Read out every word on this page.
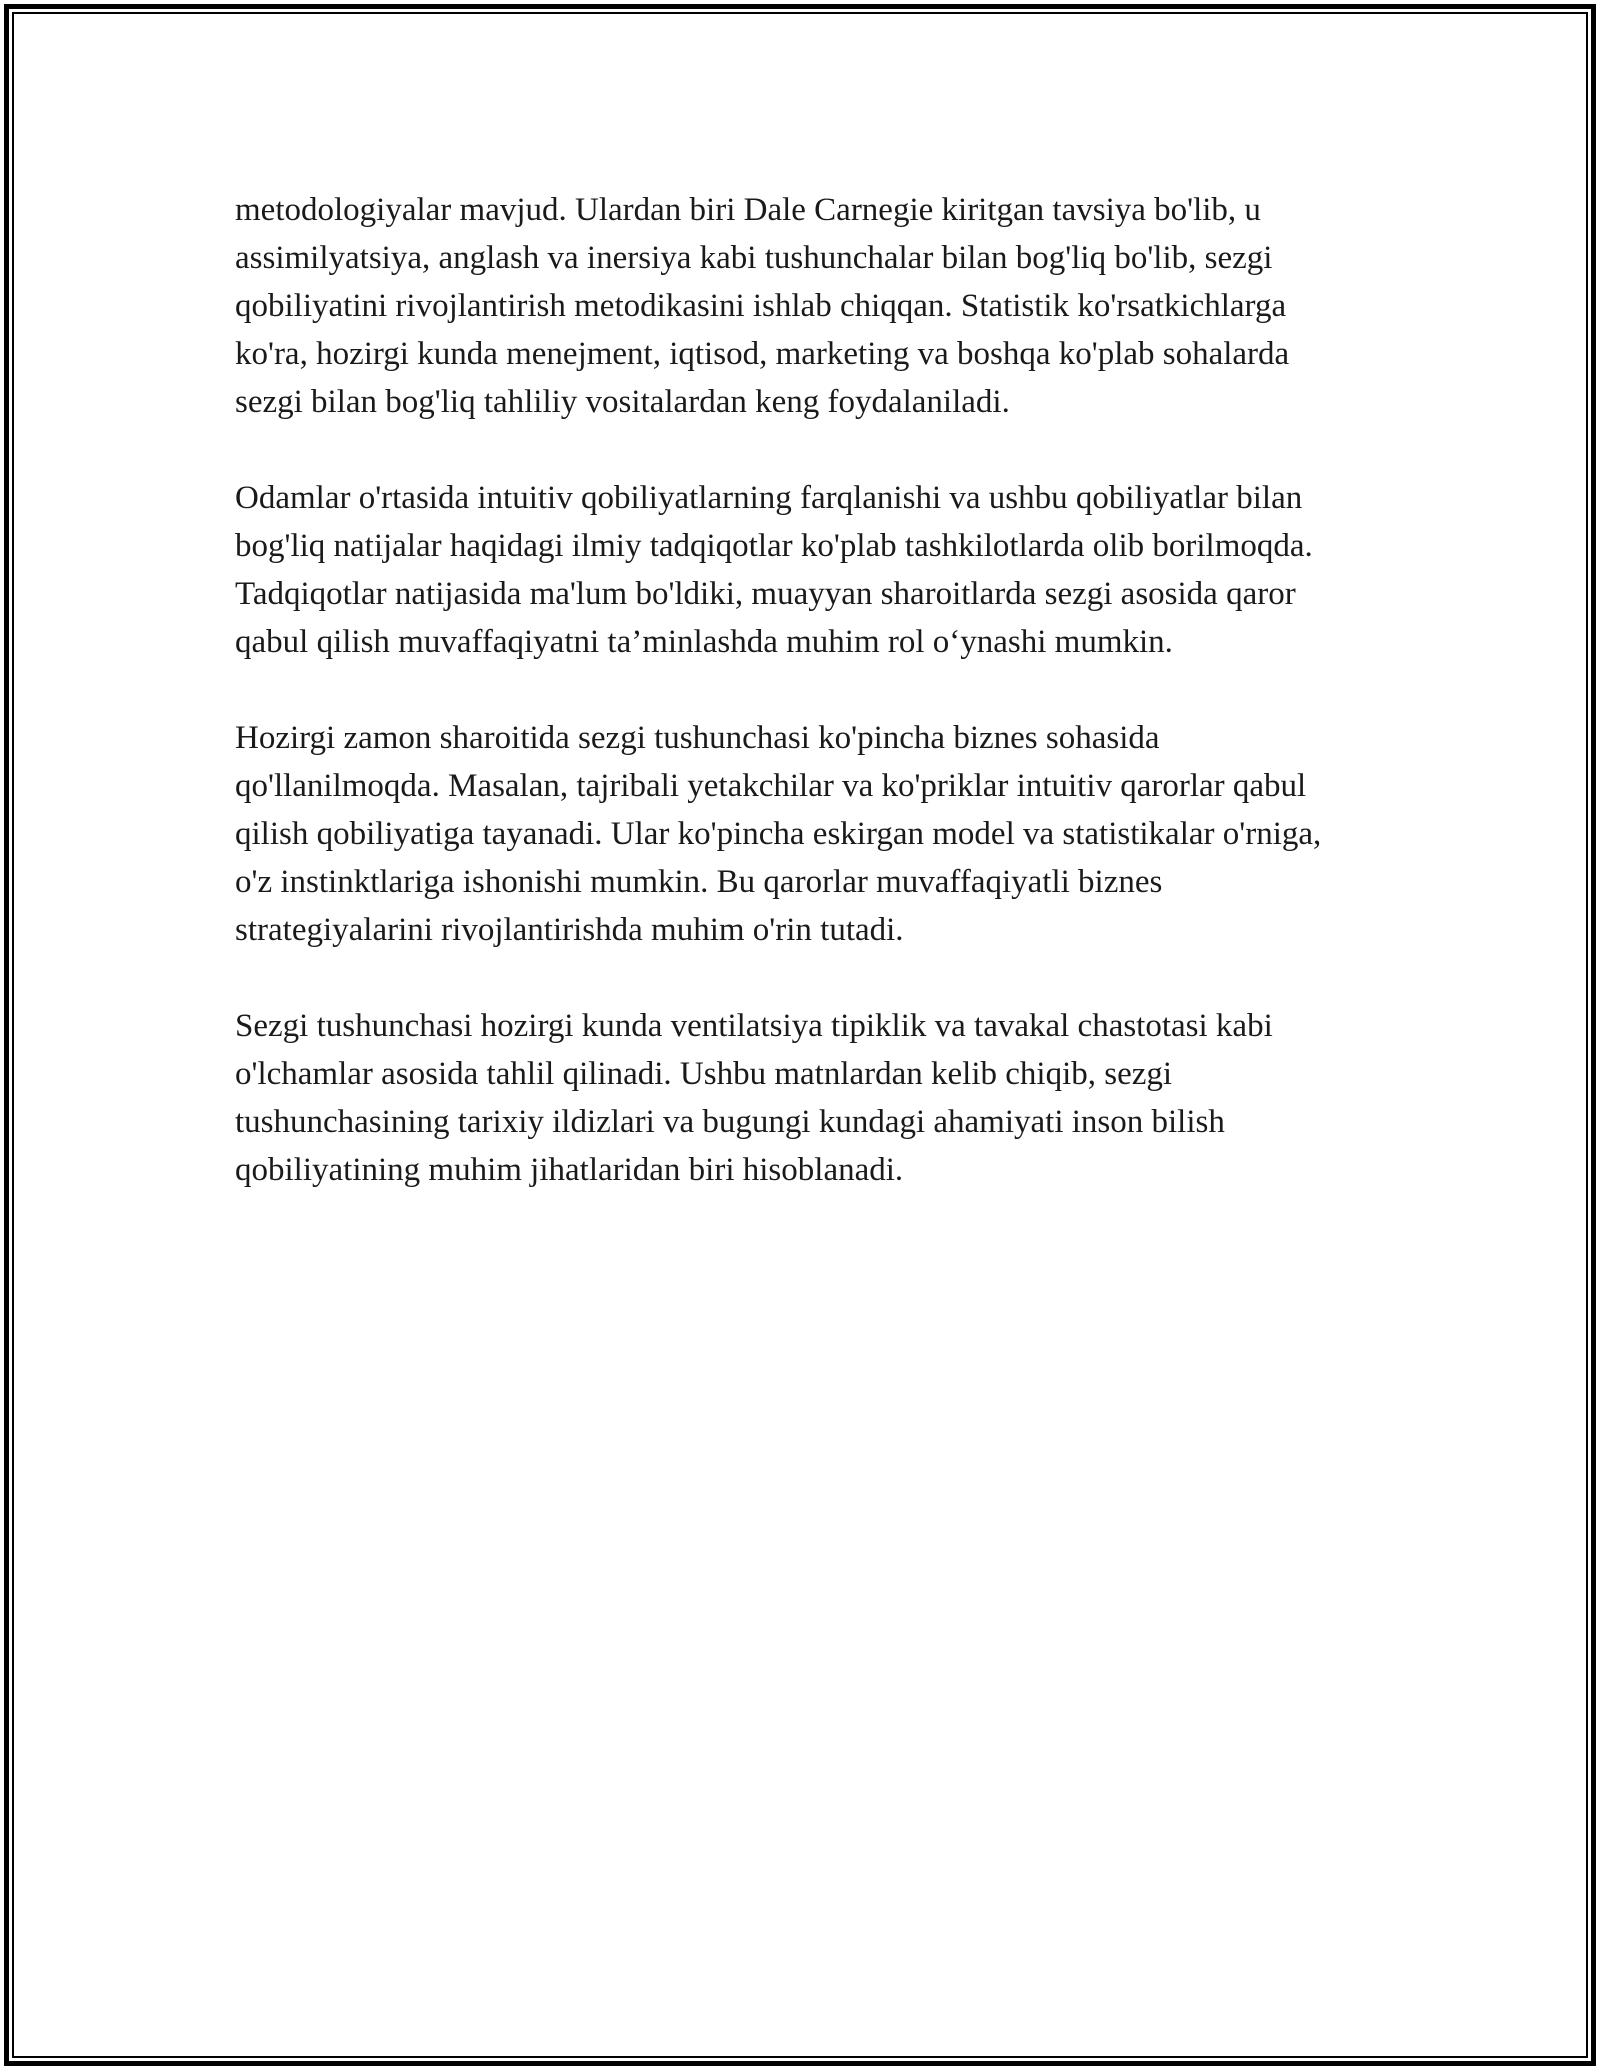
metodologiyalar mavjud. Ulardan biri Dale Carnegie kiritgan tavsiya bo'lib, u assimilyatsiya, anglash va inersiya kabi tushunchalar bilan bog'liq bo'lib, sezgi qobiliyatini rivojlantirish metodikasini ishlab chiqqan. Statistik ko'rsatkichlarga ko'ra, hozirgi kunda menejment, iqtisod, marketing va boshqa ko'plab sohalarda sezgi bilan bog'liq tahliliy vositalardan keng foydalaniladi.

Odamlar o'rtasida intuitiv qobiliyatlarning farqlanishi va ushbu qobiliyatlar bilan bog'liq natijalar haqidagi ilmiy tadqiqotlar ko'plab tashkilotlarda olib borilmoqda. Tadqiqotlar natijasida ma'lum bo'ldiki, muayyan sharoitlarda sezgi asosida qaror qabul qilish muvaffaqiyatni ta’minlashda muhim rol o‘ynashi mumkin.

Hozirgi zamon sharoitida sezgi tushunchasi ko'pincha biznes sohasida qo'llanilmoqda. Masalan, tajribali yetakchilar va ko'priklar intuitiv qarorlar qabul qilish qobiliyatiga tayanadi. Ular ko'pincha eskirgan model va statistikalar o'rniga, o'z instinktlariga ishonishi mumkin. Bu qarorlar muvaffaqiyatli biznes strategiyalarini rivojlantirishda muhim o'rin tutadi.

Sezgi tushunchasi hozirgi kunda ventilatsiya tipiklik va tavakal chastotasi kabi o'lchamlar asosida tahlil qilinadi. Ushbu matnlardan kelib chiqib, sezgi tushunchasining tarixiy ildizlari va bugungi kundagi ahamiyati inson bilish qobiliyatining muhim jihatlaridan biri hisoblanadi.
